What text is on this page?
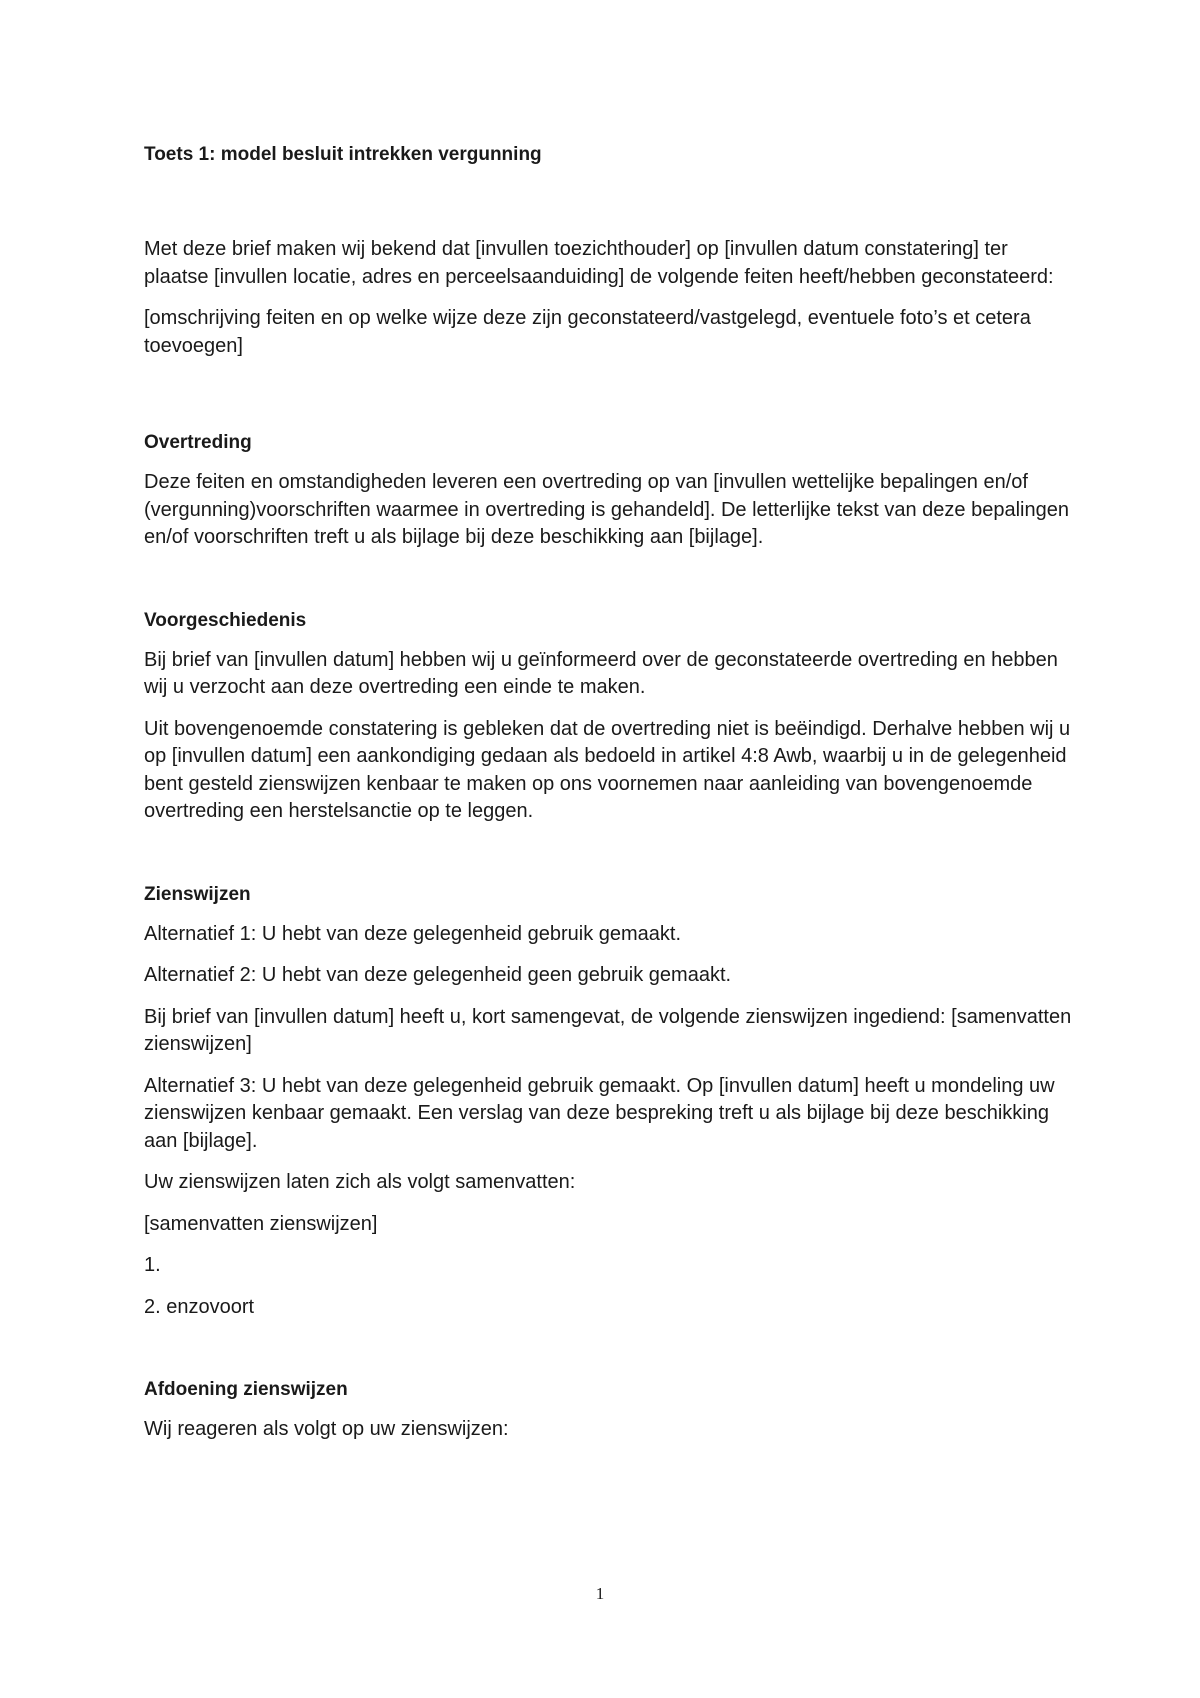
Toets 1: model besluit intrekken vergunning

Met deze brief maken wij bekend dat [invullen toezichthouder] op [invullen datum constatering] ter plaatse [invullen locatie, adres en perceelsaanduiding] de volgende feiten heeft/hebben geconstateerd:

[omschrijving feiten en op welke wijze deze zijn geconstateerd/vastgelegd, eventuele foto’s et cetera toevoegen]

Overtreding

Deze feiten en omstandigheden leveren een overtreding op van [invullen wettelijke bepalingen en/of (vergunning)voorschriften waarmee in overtreding is gehandeld]. De letterlijke tekst van deze bepalingen en/of voorschriften treft u als bijlage bij deze beschikking aan [bijlage].

Voorgeschiedenis

Bij brief van [invullen datum] hebben wij u geïnformeerd over de geconstateerde overtreding en hebben wij u verzocht aan deze overtreding een einde te maken.

Uit bovengenoemde constatering is gebleken dat de overtreding niet is beëindigd. Derhalve hebben wij u op [invullen datum] een aankondiging gedaan als bedoeld in artikel 4:8 Awb, waarbij u in de gelegenheid bent gesteld zienswijzen kenbaar te maken op ons voornemen naar aanleiding van bovengenoemde overtreding een herstelsanctie op te leggen.

Zienswijzen

Alternatief 1: U hebt van deze gelegenheid gebruik gemaakt.

Alternatief 2: U hebt van deze gelegenheid geen gebruik gemaakt.

Bij brief van [invullen datum] heeft u, kort samengevat, de volgende zienswijzen ingediend: [samenvatten zienswijzen]

Alternatief 3: U hebt van deze gelegenheid gebruik gemaakt. Op [invullen datum] heeft u mondeling uw zienswijzen kenbaar gemaakt. Een verslag van deze bespreking treft u als bijlage bij deze beschikking aan [bijlage].

Uw zienswijzen laten zich als volgt samenvatten:

[samenvatten zienswijzen]

1.

2. enzovoort

Afdoening zienswijzen

Wij reageren als volgt op uw zienswijzen:

1
